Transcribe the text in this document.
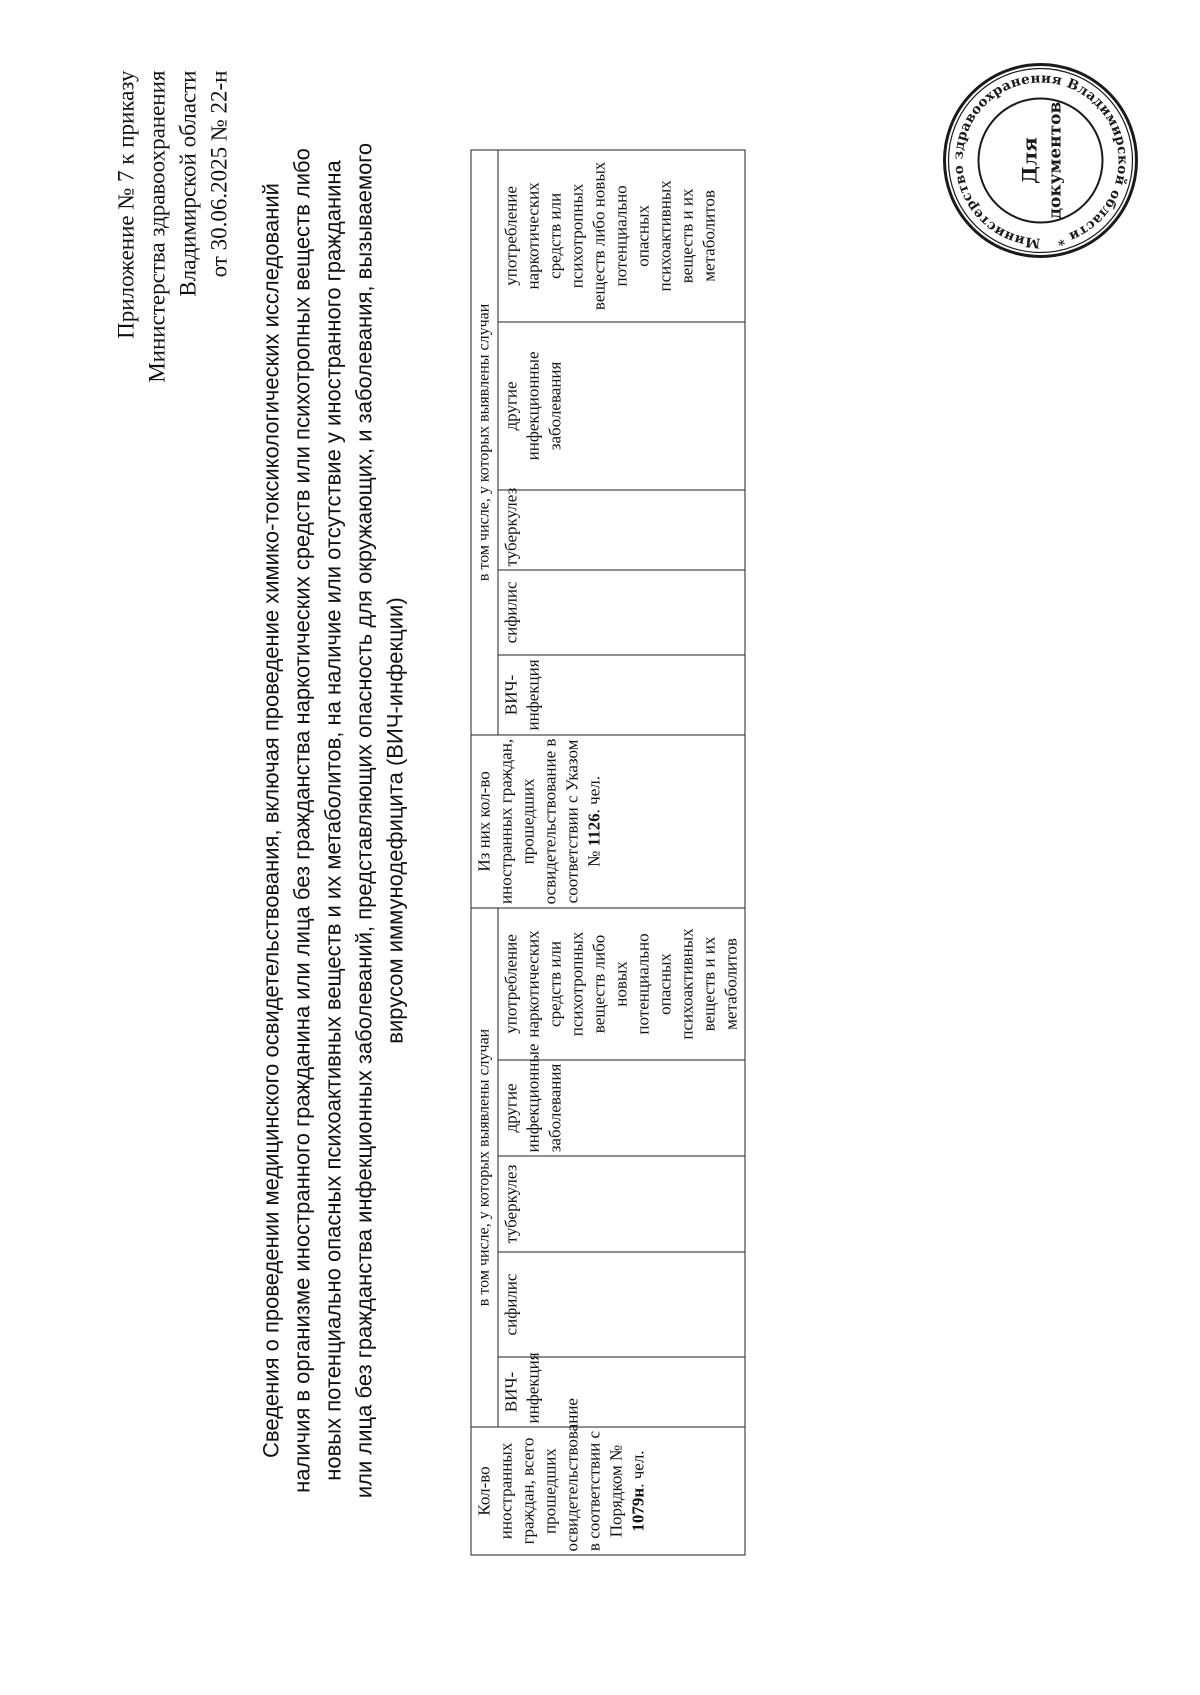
Приложение № 7 к приказу Министерства здравоохранения Владимирской области от 30.06.2025 № 22-н
Сведения о проведении медицинского освидетельствования, включая проведение химико-токсикологических исследований наличия в организме иностранного гражданина или лица без гражданства наркотических средств или психотропных веществ либо новых потенциально опасных психоактивных веществ и их метаболитов, на наличие или отсутствие у иностранного гражданина или лица без гражданства инфекционных заболеваний, представляющих опасность для окружающих, и заболевания, вызываемого вирусом иммунодефицита (ВИЧ-инфекции)
Кол-во иностранных граждан, всего прошедших освидетельствование в соответствии с Порядком № 1079н. чел.	в том числе, у которых выявлены случаи					Из них кол-во иностранных граждан, прошедших освидетельствование в соответствии с Указом № 1126. чел.	в том числе, у которых выявлены случаи				
	ВИЧ-инфекция	сифилис	туберкулез	другие инфекционные заболевания	употребление наркотических средств или психотропных веществ либо новых потенциально опасных психоактивных веществ и их метаболитов		ВИЧ-инфекция	сифилис	туберкулез	другие инфекционные заболевания	употребление наркотических средств или психотропных веществ либо новых потенциально опасных психоактивных веществ и их метаболитов	Министерство здравоохранения Владимирской области *
Для документов
